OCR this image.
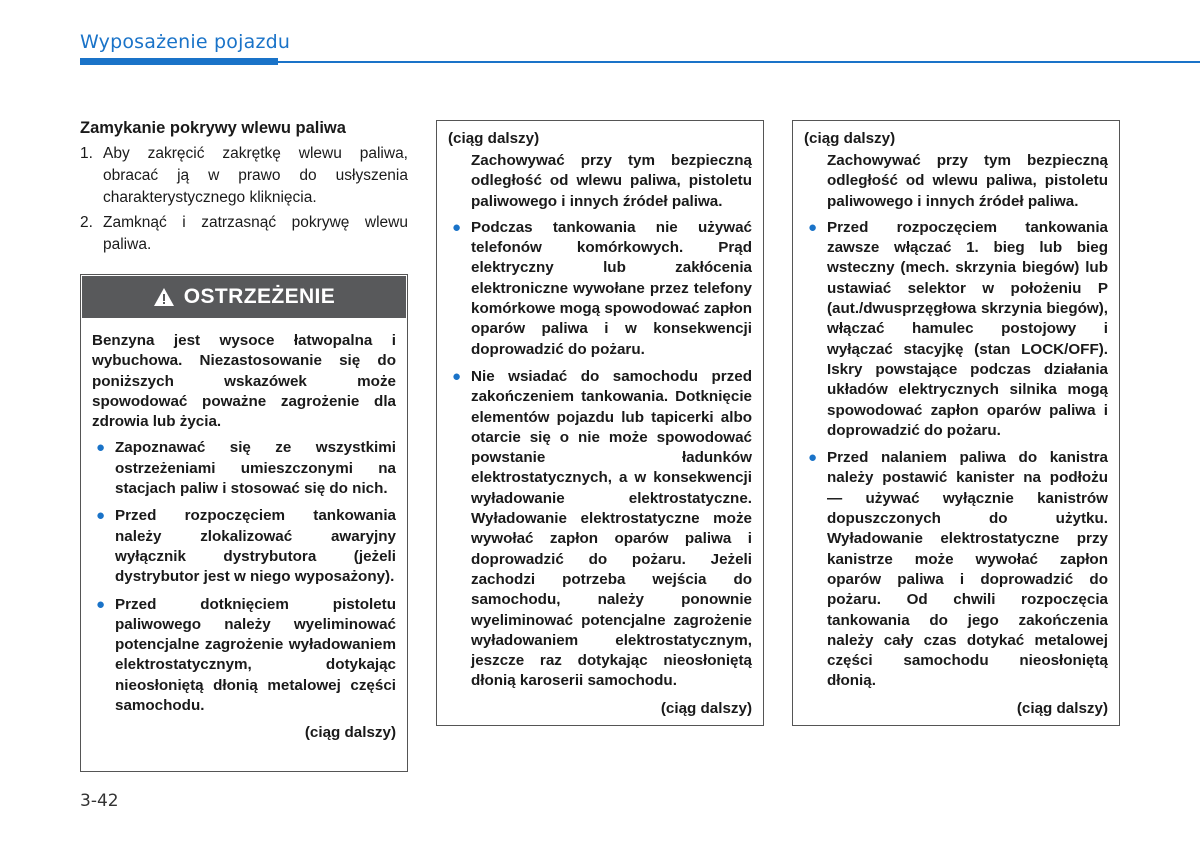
Wyposażenie pojazdu
Zamykanie pokrywy wlewu paliwa
1. Aby zakręcić zakrętkę wlewu paliwa, obracać ją w prawo do usłyszenia charakterystycznego kliknięcia.
2. Zamknąć i zatrzasnąć pokrywę wlewu paliwa.
OSTRZEŻENIE

Benzyna jest wysoce łatwopalna i wybuchowa. Niezastosowanie się do poniższych wskazówek może spowodować poważne zagrożenie dla zdrowia lub życia.

● Zapoznawać się ze wszystkimi ostrzeżeniami umieszczonymi na stacjach paliw i stosować się do nich.
● Przed rozpoczęciem tankowania należy zlokalizować awaryjny wyłącznik dystrybutora (jeżeli dystrybutor jest w niego wyposażony).
● Przed dotknięciem pistoletu paliwowego należy wyeliminować potencjalne zagrożenie wyładowaniem elektrostatycznym, dotykając nieosłoniętą dłonią metalowej części samochodu.
(ciąg dalszy)
(ciąg dalszy)

Zachowywać przy tym bezpieczną odległość od wlewu paliwa, pistoletu paliwowego i innych źródeł paliwa.

● Podczas tankowania nie używać telefonów komórkowych. Prąd elektryczny lub zakłócenia elektroniczne wywołane przez telefony komórkowe mogą spowodować zapłon oparów paliwa i w konsekwencji doprowadzić do pożaru.
● Nie wsiadać do samochodu przed zakończeniem tankowania. Dotknięcie elementów pojazdu lub tapicerki albo otarcie się o nie może spowodować powstanie ładunków elektrostatycznych, a w konsekwencji wyładowanie elektrostatyczne. Wyładowanie elektrostatyczne może wywołać zapłon oparów paliwa i doprowadzić do pożaru. Jeżeli zachodzi potrzeba wejścia do samochodu, należy ponownie wyeliminować potencjalne zagrożenie wyładowaniem elektrostatycznym, jeszcze raz dotykając nieosłoniętą dłonią karoserii samochodu.
(ciąg dalszy)
(ciąg dalszy)

Zachowywać przy tym bezpieczną odległość od wlewu paliwa, pistoletu paliwowego i innych źródeł paliwa.

● Przed rozpoczęciem tankowania zawsze włączać 1. bieg lub bieg wsteczny (mech. skrzynia biegów) lub ustawiać selektor w położeniu P (aut./dwusprzęgłowa skrzynia biegów), włączać hamulec postojowy i wyłączać stacyjkę (stan LOCK/OFF). Iskry powstające podczas działania układów elektrycznych silnika mogą spowodować zapłon oparów paliwa i doprowadzić do pożaru.
● Przed nalaniem paliwa do kanistra należy postawić kanister na podłożu — używać wyłącznie kanistrów dopuszczonych do użytku. Wyładowanie elektrostatyczne przy kanistrze może wywołać zapłon oparów paliwa i doprowadzić do pożaru. Od chwili rozpoczęcia tankowania do jego zakończenia należy cały czas dotykać metalowej części samochodu nieosłoniętą dłonią.
(ciąg dalszy)
3-42
